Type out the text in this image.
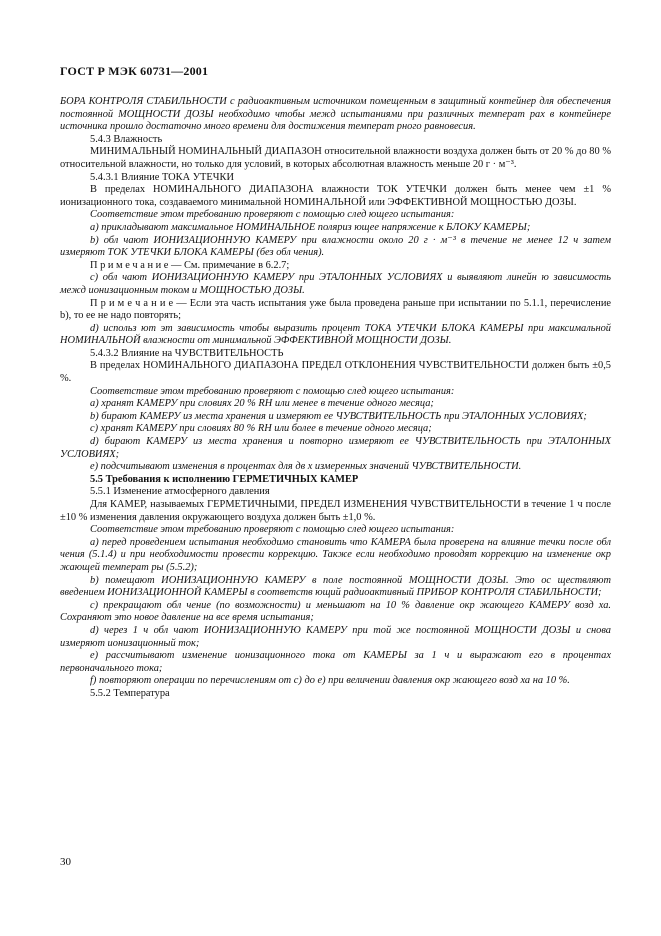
ГОСТ Р МЭК 60731—2001

БОРА КОНТРОЛЯ СТАБИЛЬНОСТИ с радиоактивным источником помещенным в защитный контейнер для обеспечения постоянной МОЩНОСТИ ДОЗЫ необходимо чтобы межд испытаниями при различных температ рах в контейнере источника прошло достаточно много времени для достижения температ рного равновесия.

5.4.3 Влажность

МИНИМАЛЬНЫЙ НОМИНАЛЬНЫЙ ДИАПАЗОН относительной влажности воздуха должен быть от 20 % до 80 % относительной влажности, но только для условий, в которых абсолютная влажность меньше 20 г · м⁻³.

5.4.3.1 Влияние ТОКА УТЕЧКИ

В пределах НОМИНАЛЬНОГО ДИАПАЗОНА влажности ТОК УТЕЧКИ должен быть менее чем ±1 % ионизационного тока, создаваемого минимальной НОМИНАЛЬНОЙ или ЭФФЕКТИВНОЙ МОЩНОСТЬЮ ДОЗЫ.

Соответствие этом требованию проверяют с помощью след ющего испытания:

а) прикладывают максимальное НОМИНАЛЬНОЕ поляриз ющее напряжение к БЛОКУ КАМЕРЫ;

b) обл чают ИОНИЗАЦИОННУЮ КАМЕРУ при влажности около 20 г · м⁻³ в течение не менее 12 ч затем измеряют ТОК УТЕЧКИ БЛОКА КАМЕРЫ (без обл чения).

П р и м е ч а н и е — См. примечание в 6.2.7;

с) обл чают ИОНИЗАЦИОННУЮ КАМЕРУ при ЭТАЛОННЫХ УСЛОВИЯХ и выявляют линейн ю зависимость межд ионизационным током и МОЩНОСТЬЮ ДОЗЫ.

П р и м е ч а н и е — Если эта часть испытания уже была проведена раньше при испытании по 5.1.1, перечисление b), то ее не надо повторять;

d) использ ют эт зависимость чтобы выразить процент ТОКА УТЕЧКИ БЛОКА КАМЕРЫ при максимальной НОМИНАЛЬНОЙ влажности от минимальной ЭФФЕКТИВНОЙ МОЩНОСТИ ДОЗЫ.

5.4.3.2 Влияние на ЧУВСТВИТЕЛЬНОСТЬ

В пределах НОМИНАЛЬНОГО ДИАПАЗОНА ПРЕДЕЛ ОТКЛОНЕНИЯ ЧУВСТВИТЕЛЬНОСТИ должен быть ±0,5 %.

Соответствие этом требованию проверяют с помощью след ющего испытания:

а) хранят КАМЕРУ при словиях 20 % RH или менее в течение одного месяца;

b) бирают КАМЕРУ из места хранения и измеряют ее ЧУВСТВИТЕЛЬНОСТЬ при ЭТАЛОННЫХ УСЛОВИЯХ;

с) хранят КАМЕРУ при словиях 80 % RH или более в течение одного месяца;

d) бирают КАМЕРУ из места хранения и повторно измеряют ее ЧУВСТВИТЕЛЬНОСТЬ при ЭТАЛОННЫХ УСЛОВИЯХ;

е) подсчитывают изменения в процентах для дв х измеренных значений ЧУВСТВИТЕЛЬНОСТИ.

5.5 Требования к исполнению ГЕРМЕТИЧНЫХ КАМЕР

5.5.1 Изменение атмосферного давления

Для КАМЕР, называемых ГЕРМЕТИЧНЫМИ, ПРЕДЕЛ ИЗМЕНЕНИЯ ЧУВСТВИТЕЛЬНОСТИ в течение 1 ч после ±10 % изменения давления окружающего воздуха должен быть ±1,0 %.

Соответствие этом требованию проверяют с помощью след ющего испытания:

а) перед проведением испытания необходимо становить что КАМЕРА была проверена на влияние течки после обл чения (5.1.4) и при необходимости провести коррекцию. Также если необходимо проводят коррекцию на изменение окр жающей температ ры (5.5.2);

b) помещают ИОНИЗАЦИОННУЮ КАМЕРУ в поле постоянной МОЩНОСТИ ДОЗЫ. Это ос ществляют введением ИОНИЗАЦИОННОЙ КАМЕРЫ в соответств ющий радиоактивный ПРИБОР КОНТРОЛЯ СТАБИЛЬНОСТИ;

с) прекращают обл чение (по возможности) и меньшают на 10 % давление окр жающего КАМЕРУ возд ха. Сохраняют это новое давление на все время испытания;

d) через 1 ч обл чают ИОНИЗАЦИОННУЮ КАМЕРУ при той же постоянной МОЩНОСТИ ДОЗЫ и снова измеряют ионизационный ток;

е) рассчитывают изменение ионизационного тока от КАМЕРЫ за 1 ч и выражают его в процентах первоначального тока;

f) повторяют операции по перечислениям от с) до е) при величении давления окр жающего возд ха на 10 %.

5.5.2 Температура

30
